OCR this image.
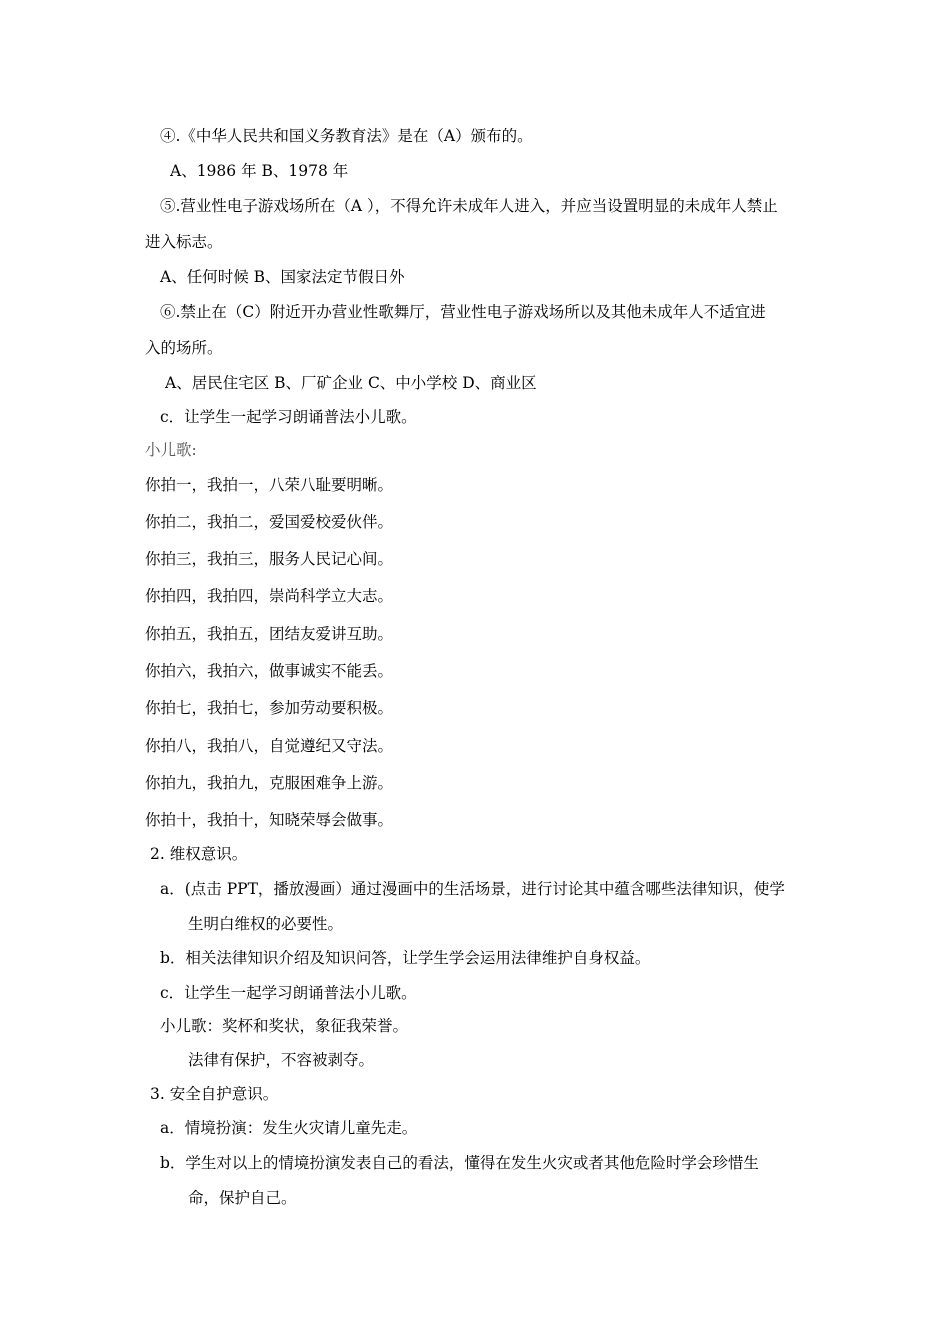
④.《中华人民共和国义务教育法》是在（A）颁布的。
A、1986 年 B、1978 年
⑤.营业性电子游戏场所在（A ），不得允许未成年人进入，并应当设置明显的未成年人禁止
进入标志。
A、任何时候 B、国家法定节假日外
⑥.禁止在（C）附近开办营业性歌舞厅，营业性电子游戏场所以及其他未成年人不适宜进
入的场所。
A、居民住宅区 B、厂矿企业 C、中小学校 D、商业区
c．让学生一起学习朗诵普法小儿歌。
小儿歌:
你拍一，我拍一，八荣八耻要明晰。
你拍二，我拍二，爱国爱校爱伙伴。
你拍三，我拍三，服务人民记心间。
你拍四，我拍四，崇尚科学立大志。
你拍五，我拍五，团结友爱讲互助。
你拍六，我拍六，做事诚实不能丢。
你拍七，我拍七，参加劳动要积极。
你拍八，我拍八，自觉遵纪又守法。
你拍九，我拍九，克服困难争上游。
你拍十，我拍十，知晓荣辱会做事。
2. 维权意识。
a．(点击 PPT，播放漫画）通过漫画中的生活场景，进行讨论其中蕴含哪些法律知识，使学
生明白维权的必要性。
b．相关法律知识介绍及知识问答，让学生学会运用法律维护自身权益。
c．让学生一起学习朗诵普法小儿歌。
小儿歌：奖杯和奖状，象征我荣誉。
法律有保护，不容被剥夺。
3. 安全自护意识。
a．情境扮演：发生火灾请儿童先走。
b．学生对以上的情境扮演发表自己的看法，懂得在发生火灾或者其他危险时学会珍惜生
命，保护自己。
